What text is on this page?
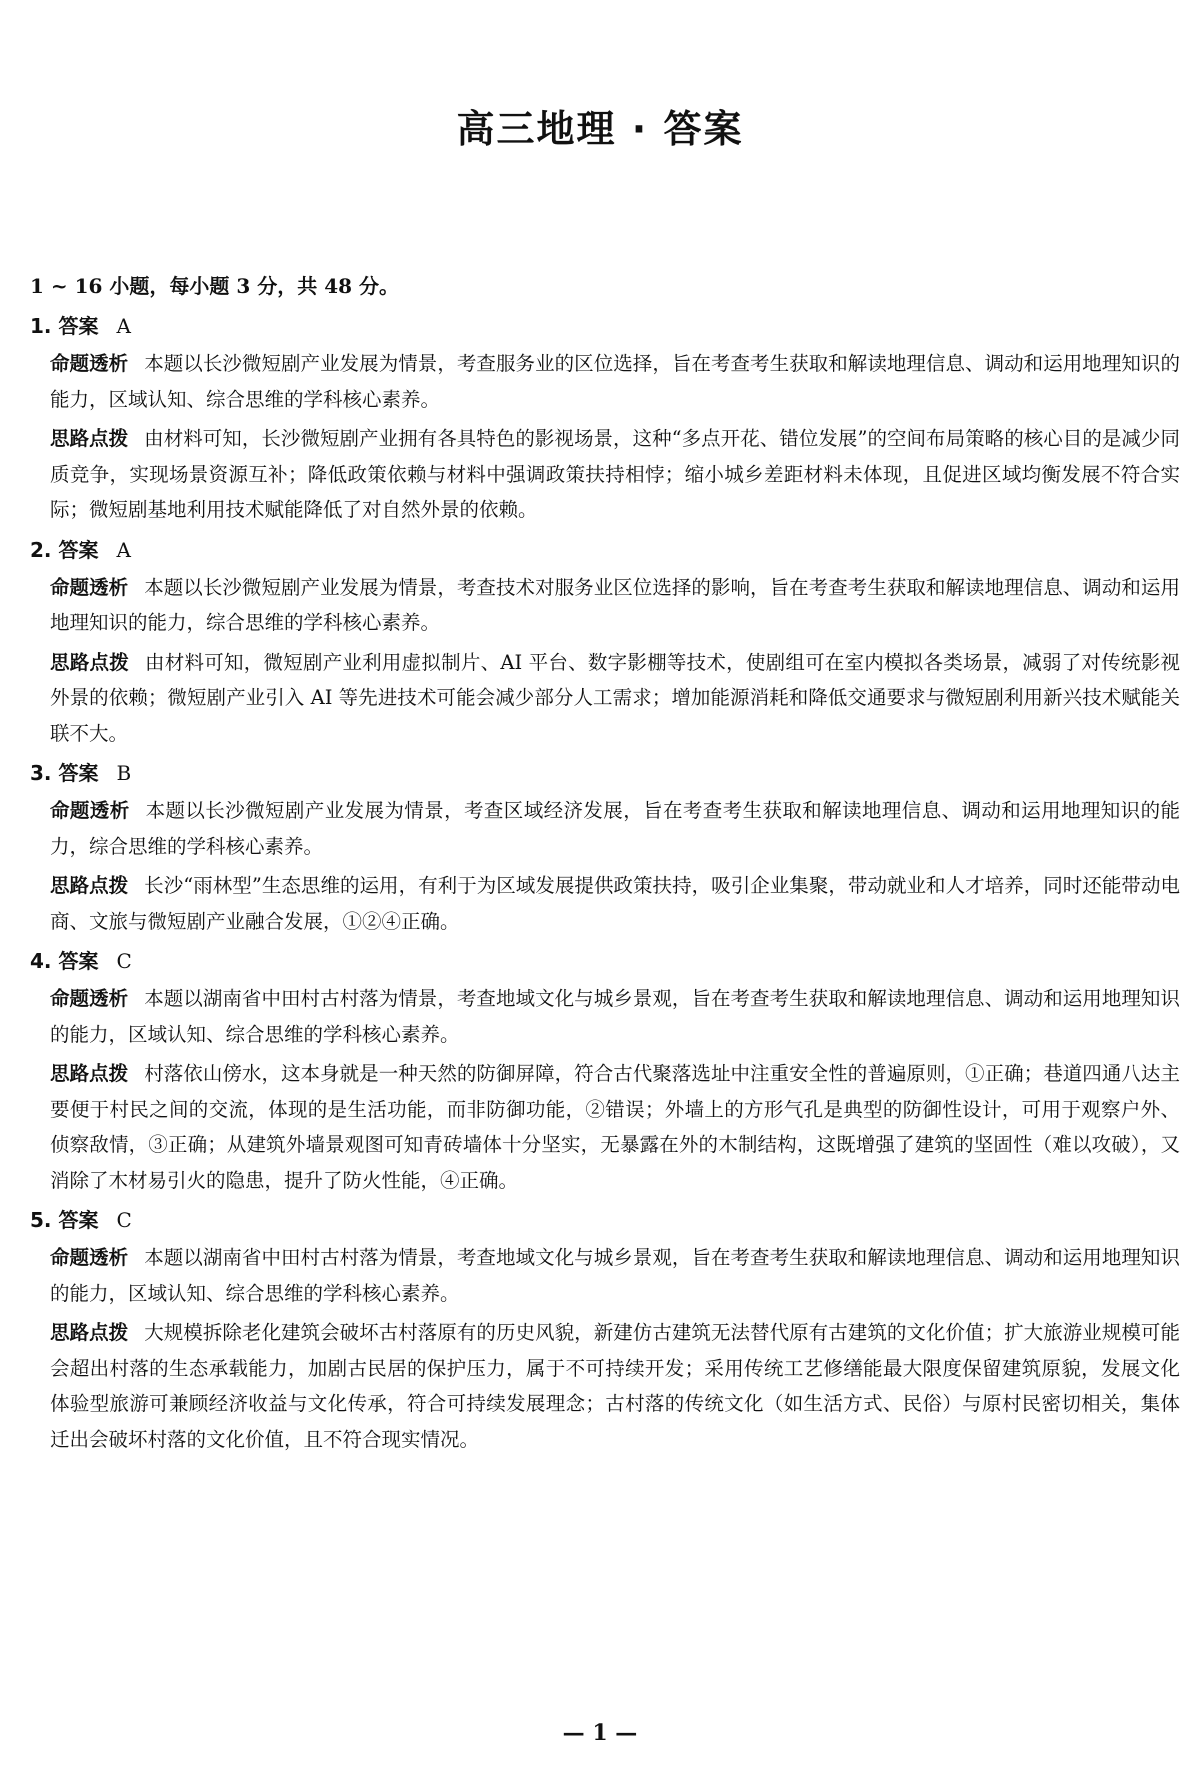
高三地理 · 答案
1 ~ 16 小题，每小题 3 分，共 48 分。
1. 答案 A
命题透析 本题以长沙微短剧产业发展为情景，考查服务业的区位选择，旨在考查考生获取和解读地理信息、调动和运用地理知识的能力，区域认知、综合思维的学科核心素养。
思路点拨 由材料可知，长沙微短剧产业拥有各具特色的影视场景，这种“多点开花、错位发展”的空间布局策略的核心目的是减少同质竞争，实现场景资源互补；降低政策依赖与材料中强调政策扶持相悖；缩小城乡差距材料未体现，且促进区域均衡发展不符合实际；微短剧基地利用技术赋能降低了对自然外景的依赖。
2. 答案 A
命题透析 本题以长沙微短剧产业发展为情景，考查技术对服务业区位选择的影响，旨在考查考生获取和解读地理信息、调动和运用地理知识的能力，综合思维的学科核心素养。
思路点拨 由材料可知，微短剧产业利用虚拟制片、AI 平台、数字影棚等技术，使剧组可在室内模拟各类场景，减弱了对传统影视外景的依赖；微短剧产业引入 AI 等先进技术可能会减少部分人工需求；增加能源消耗和降低交通要求与微短剧利用新兴技术赋能关联不大。
3. 答案 B
命题透析 本题以长沙微短剧产业发展为情景，考查区域经济发展，旨在考查考生获取和解读地理信息、调动和运用地理知识的能力，综合思维的学科核心素养。
思路点拨 长沙“雨林型”生态思维的运用，有利于为区域发展提供政策扶持，吸引企业集聚，带动就业和人才培养，同时还能带动电商、文旅与微短剧产业融合发展，①②④正确。
4. 答案 C
命题透析 本题以湖南省中田村古村落为情景，考查地域文化与城乡景观，旨在考查考生获取和解读地理信息、调动和运用地理知识的能力，区域认知、综合思维的学科核心素养。
思路点拨 村落依山傍水，这本身就是一种天然的防御屏障，符合古代聚落选址中注重安全性的普遍原则，①正确；巷道四通八达主要便于村民之间的交流，体现的是生活功能，而非防御功能，②错误；外墙上的方形气孔是典型的防御性设计，可用于观察户外、侦察敌情，③正确；从建筑外墙景观图可知青砖墙体十分坚实，无暴露在外的木制结构，这既增强了建筑的坚固性（难以攻破），又消除了木材易引火的隐患，提升了防火性能，④正确。
5. 答案 C
命题透析 本题以湖南省中田村古村落为情景，考查地域文化与城乡景观，旨在考查考生获取和解读地理信息、调动和运用地理知识的能力，区域认知、综合思维的学科核心素养。
思路点拨 大规模拆除老化建筑会破坏古村落原有的历史风貌，新建仿古建筑无法替代原有古建筑的文化价值；扩大旅游业规模可能会超出村落的生态承载能力，加剧古民居的保护压力，属于不可持续开发；采用传统工艺修缮能最大限度保留建筑原貌，发展文化体验型旅游可兼顾经济收益与文化传承，符合可持续发展理念；古村落的传统文化（如生活方式、民俗）与原村民密切相关，集体迁出会破坏村落的文化价值，且不符合现实情况。
— 1 —
